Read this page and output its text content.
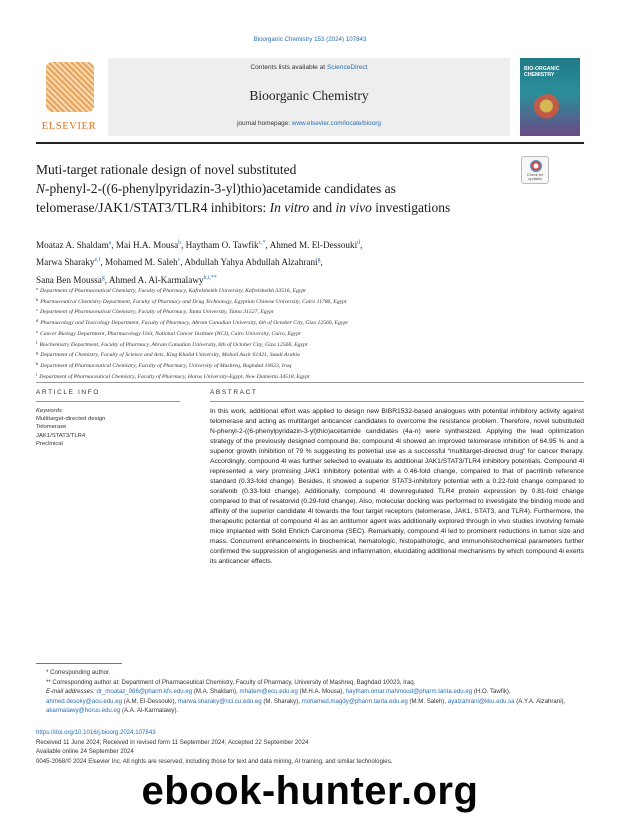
Bioorganic Chemistry 153 (2024) 107843
ELSEVIER
Contents lists available at ScienceDirect
Bioorganic Chemistry
journal homepage: www.elsevier.com/locate/bioorg
BIO-ORGANIC CHEMISTRY
Muti-target rationale design of novel substituted
N-phenyl-2-((6-phenylpyridazin-3-yl)thio)acetamide candidates as
telomerase/JAK1/STAT3/TLR4 inhibitors: In vitro and in vivo investigations
Check for updates
Moataz A. Shaldam$^a$, Mai H.A. Mousa$^b$, Haytham O. Tawfik$^{c,*}$, Ahmed M. El-Dessouki$^d$,
Marwa Sharaky$^{e,f}$, Mohamed M. Saleh$^c$, Abdullah Yahya Abdullah Alzahrani$^g$,
Sana Ben Moussa$^g$, Ahmed A. Al-Karmalawy$^{h,i,**}$
$^a$ Department of Pharmaceutical Chemistry, Faculty of Pharmacy, Kafrelsheikh University, Kafrelsheikh 33516, Egypt
$^b$ Pharmaceutical Chemistry Department, Faculty of Pharmacy and Drug Technology, Egyptian Chinese University, Cairo 11786, Egypt
$^c$ Department of Pharmaceutical Chemistry, Faculty of Pharmacy, Tanta University, Tanta 31527, Egypt
$^d$ Pharmacology and Toxicology Department, Faculty of Pharmacy, Ahram Canadian University, 6th of October City, Giza 12566, Egypt
$^e$ Cancer Biology Department, Pharmacology Unit, National Cancer Institute (NCI), Cairo University, Cairo, Egypt
$^f$ Biochemistry Department, Faculty of Pharmacy, Ahram Canadian University, 6th of October City, Giza 12566, Egypt
$^g$ Department of Chemistry, Faculty of Science and Arts, King Khalid University, Mohail Assir 61421, Saudi Arabia
$^h$ Department of Pharmaceutical Chemistry, Faculty of Pharmacy, University of Mashreq, Baghdad 10023, Iraq
$^i$ Department of Pharmaceutical Chemistry, Faculty of Pharmacy, Horus University-Egypt, New Damietta 34518, Egypt
ARTICLE INFO	ABSTRACT
Keywords:
Multitarget-directed design
Telomerase
JAK1/STAT3/TLR4
Preclinical
In this work, additional effort was applied to design new BIBR1532-based analogues with potential inhibitory activity against telomerase and acting as multitarget anticancer candidates to overcome the resistance problem. Therefore, novel substituted N-phenyl-2-((6-phenylpyridazin-3-yl)thio)acetamide candidates (4a-n) were synthesized. Applying the lead optimization strategy of the previously designed compound 8e; compound 4l showed an improved telomerase inhibition of 64.95 % and a superior growth inhibition of 79 % suggesting its potential use as a successful “multitarget-directed drug” for cancer therapy. Accordingly, compound 4l was further selected to evaluate its additional JAK1/STAT3/TLR4 inhibitory potentials. Compound 4l represented a very promising JAK1 inhibitory potential with a 0.46-fold change, compared to that of pacritinib reference standard (0.33-fold change). Besides, it showed a superior STAT3-inhibitory potential with a 0.22-fold change compared to sorafenib (0.33-fold change). Additionally, compound 4l downregulated TLR4 protein expression by 0.81-fold change compared to that of resatorvid (0.29-fold change). Also, molecular docking was performed to investigate the binding mode and affinity of the superior candidate 4l towards the four target receptors (telomerase, JAK1, STAT3, and TLR4). Furthermore, the therapeutic potential of compound 4l as an antitumor agent was additionally explored through in vivo studies involving female mice implanted with Solid Ehrlich Carcinoma (SEC). Remarkably, compound 4l led to prominent reductions in tumor size and mass. Concurrent enhancements in biochemical, hematologic, histopathologic, and immunohistochemical parameters further confirmed the suppression of angiogenesis and inflammation, elucidating additional mechanisms by which compound 4l exerts its anticancer effects.
* Corresponding author.
** Corresponding author at: Department of Pharmaceutical Chemistry, Faculty of Pharmacy, University of Mashreq, Baghdad 10023, Iraq.
E-mail addresses: dr_moataz_986@pharm.kfs.edu.eg (M.A. Shaldam), mhatem@ecu.edu.eg (M.H.A. Mousa), haytham.omar.mahmoud@pharm.tanta.edu.eg (H.O. Tawfik), ahmed.desoky@acu.edu.eg (A.M. El-Dessouki), marwa.sharaky@nci.cu.edu.eg (M. Sharaky), mohamed.magdy@pharm.tanta.edu.eg (M.M. Saleh), ayalzahrani@kku.edu.sa (A.Y.A. Alzahrani), akarmalawy@horus.edu.eg (A.A. Al-Karmalawy).
https://doi.org/10.1016/j.bioorg.2024.107843
Received 11 June 2024; Received in revised form 11 September 2024; Accepted 22 September 2024
Available online 24 September 2024
0045-2068/© 2024 Elsevier Inc. All rights are reserved, including those for text and data mining, AI training, and similar technologies.
ebook-hunter.org
